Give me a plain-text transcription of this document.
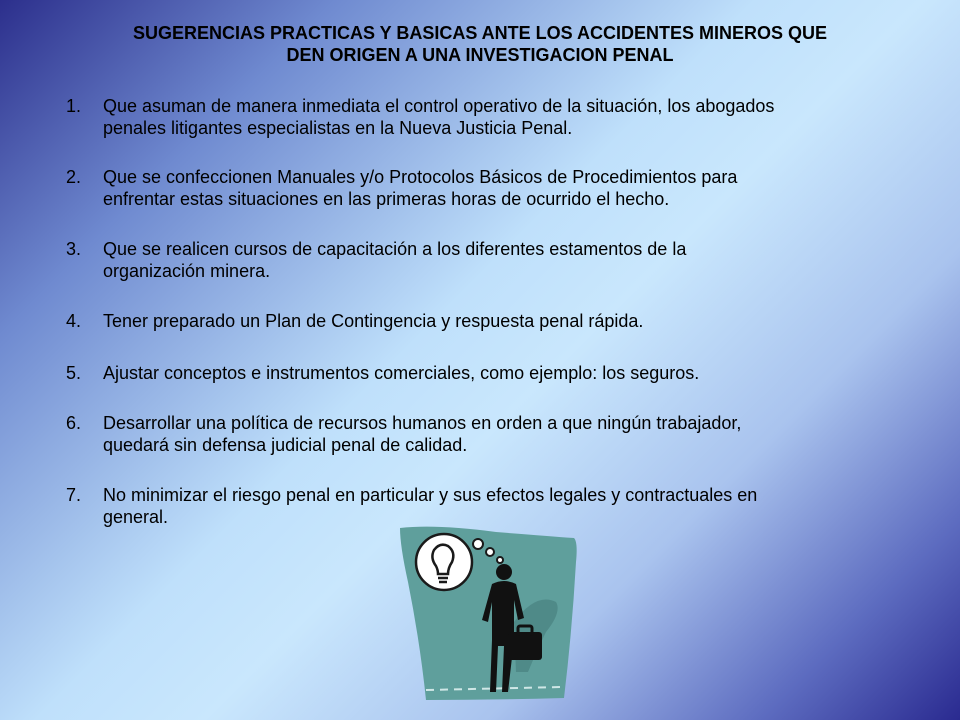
SUGERENCIAS PRACTICAS Y BASICAS ANTE LOS ACCIDENTES MINEROS QUE
DEN ORIGEN A UNA INVESTIGACION PENAL
1. Que asuman de manera inmediata el control operativo de la situación, los abogados
penales litigantes especialistas en la Nueva Justicia Penal.
2. Que se confeccionen Manuales y/o Protocolos Básicos de Procedimientos para
enfrentar estas situaciones en las primeras horas de ocurrido el hecho.
3. Que se realicen cursos de capacitación a los diferentes estamentos de la
organización minera.
4. Tener preparado un Plan de Contingencia y respuesta penal rápida.
5. Ajustar conceptos e instrumentos comerciales, como ejemplo: los seguros.
6. Desarrollar una política de recursos humanos en orden a que ningún trabajador,
quedará sin defensa judicial penal de calidad.
7. No minimizar el riesgo penal en particular y sus efectos legales y contractuales en
general.
